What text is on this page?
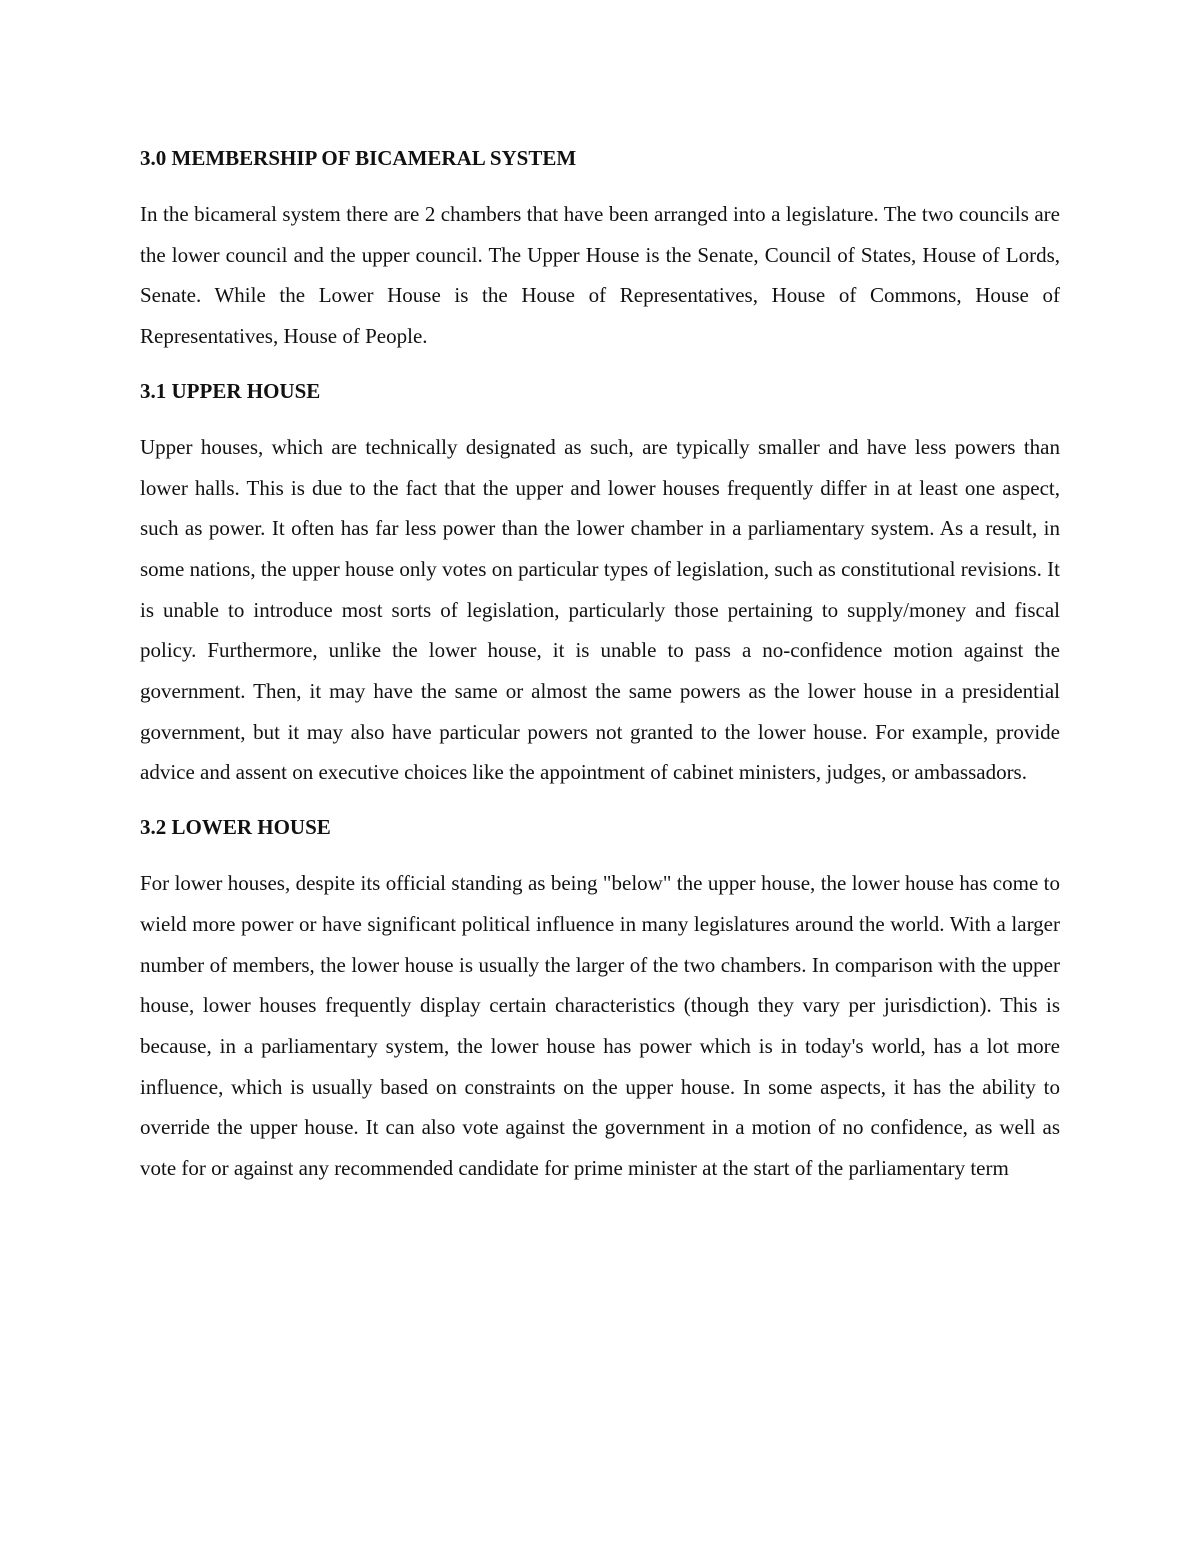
3.0 MEMBERSHIP OF BICAMERAL SYSTEM

In the bicameral system there are 2 chambers that have been arranged into a legislature. The two councils are the lower council and the upper council. The Upper House is the Senate, Council of States, House of Lords, Senate. While the Lower House is the House of Representatives, House of Commons, House of Representatives, House of People.

3.1 UPPER HOUSE

Upper houses, which are technically designated as such, are typically smaller and have less powers than lower halls. This is due to the fact that the upper and lower houses frequently differ in at least one aspect, such as power. It often has far less power than the lower chamber in a parliamentary system. As a result, in some nations, the upper house only votes on particular types of legislation, such as constitutional revisions. It is unable to introduce most sorts of legislation, particularly those pertaining to supply/money and fiscal policy. Furthermore, unlike the lower house, it is unable to pass a no-confidence motion against the government. Then, it may have the same or almost the same powers as the lower house in a presidential government, but it may also have particular powers not granted to the lower house. For example, provide advice and assent on executive choices like the appointment of cabinet ministers, judges, or ambassadors.

3.2 LOWER HOUSE

For lower houses, despite its official standing as being "below" the upper house, the lower house has come to wield more power or have significant political influence in many legislatures around the world. With a larger number of members, the lower house is usually the larger of the two chambers. In comparison with the upper house, lower houses frequently display certain characteristics (though they vary per jurisdiction). This is because, in a parliamentary system, the lower house has power which is in today's world, has a lot more influence, which is usually based on constraints on the upper house. In some aspects, it has the ability to override the upper house. It can also vote against the government in a motion of no confidence, as well as vote for or against any recommended candidate for prime minister at the start of the parliamentary term
